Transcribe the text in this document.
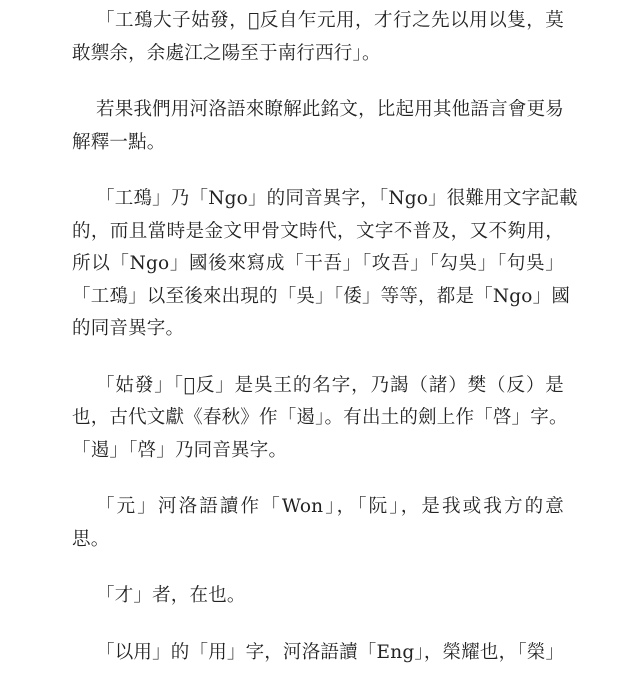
「工䲹大子姑發，𦊡反自乍元用，才行之先以用以隻，莫
敢禦余，余處江之陽至于南行西行」。

若果我們用河洛語來瞭解此銘文，比起用其他語言會更易
解釋一點。

「工䲹」乃「Ngo」的同音異字，「Ngo」很難用文字記載
的，而且當時是金文甲骨文時代，文字不普及，又不夠用，
所以「Ngo」國後來寫成「干吾」「攻吾」「勾吳」「句吳」
「工䲹」以至後來出現的「吳」「倭」等等，都是「Ngo」國
的同音異字。

「姑發」「𦊡反」是吳王的名字，乃謁（諸）樊（反）是
也，古代文獻《春秋》作「遏」。有出土的劍上作「啓」字。
「遏」「啓」乃同音異字。

「元」河洛語讀作「Won」，「阮」，是我或我方的意
思。

「才」者，在也。

「以用」的「用」字，河洛語讀「Eng」，榮耀也，「榮」
